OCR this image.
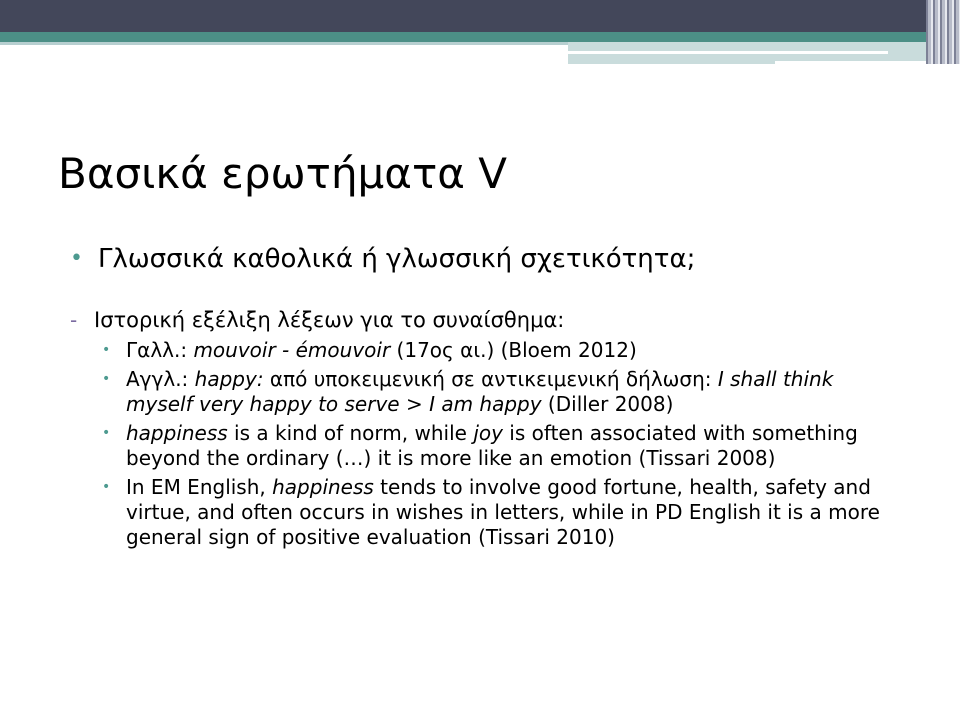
Βασικά ερωτήματα V
• Γλωσσικά καθολικά ή γλωσσική σχετικότητα;
- Ιστορική εξέλιξη λέξεων για το συναίσθημα:
• Γαλλ.: mouvoir - émouvoir (17ος αι.) (Bloem 2012)
• Αγγλ.: happy: από υποκειμενική σε αντικειμενική δήλωση: I shall think myself very happy to serve > I am happy (Diller 2008)
• happiness is a kind of norm, while joy is often associated with something beyond the ordinary (…) it is more like an emotion (Tissari 2008)
• In EM English, happiness tends to involve good fortune, health, safety and virtue, and often occurs in wishes in letters, while in PD English it is a more general sign of positive evaluation (Tissari 2010)
